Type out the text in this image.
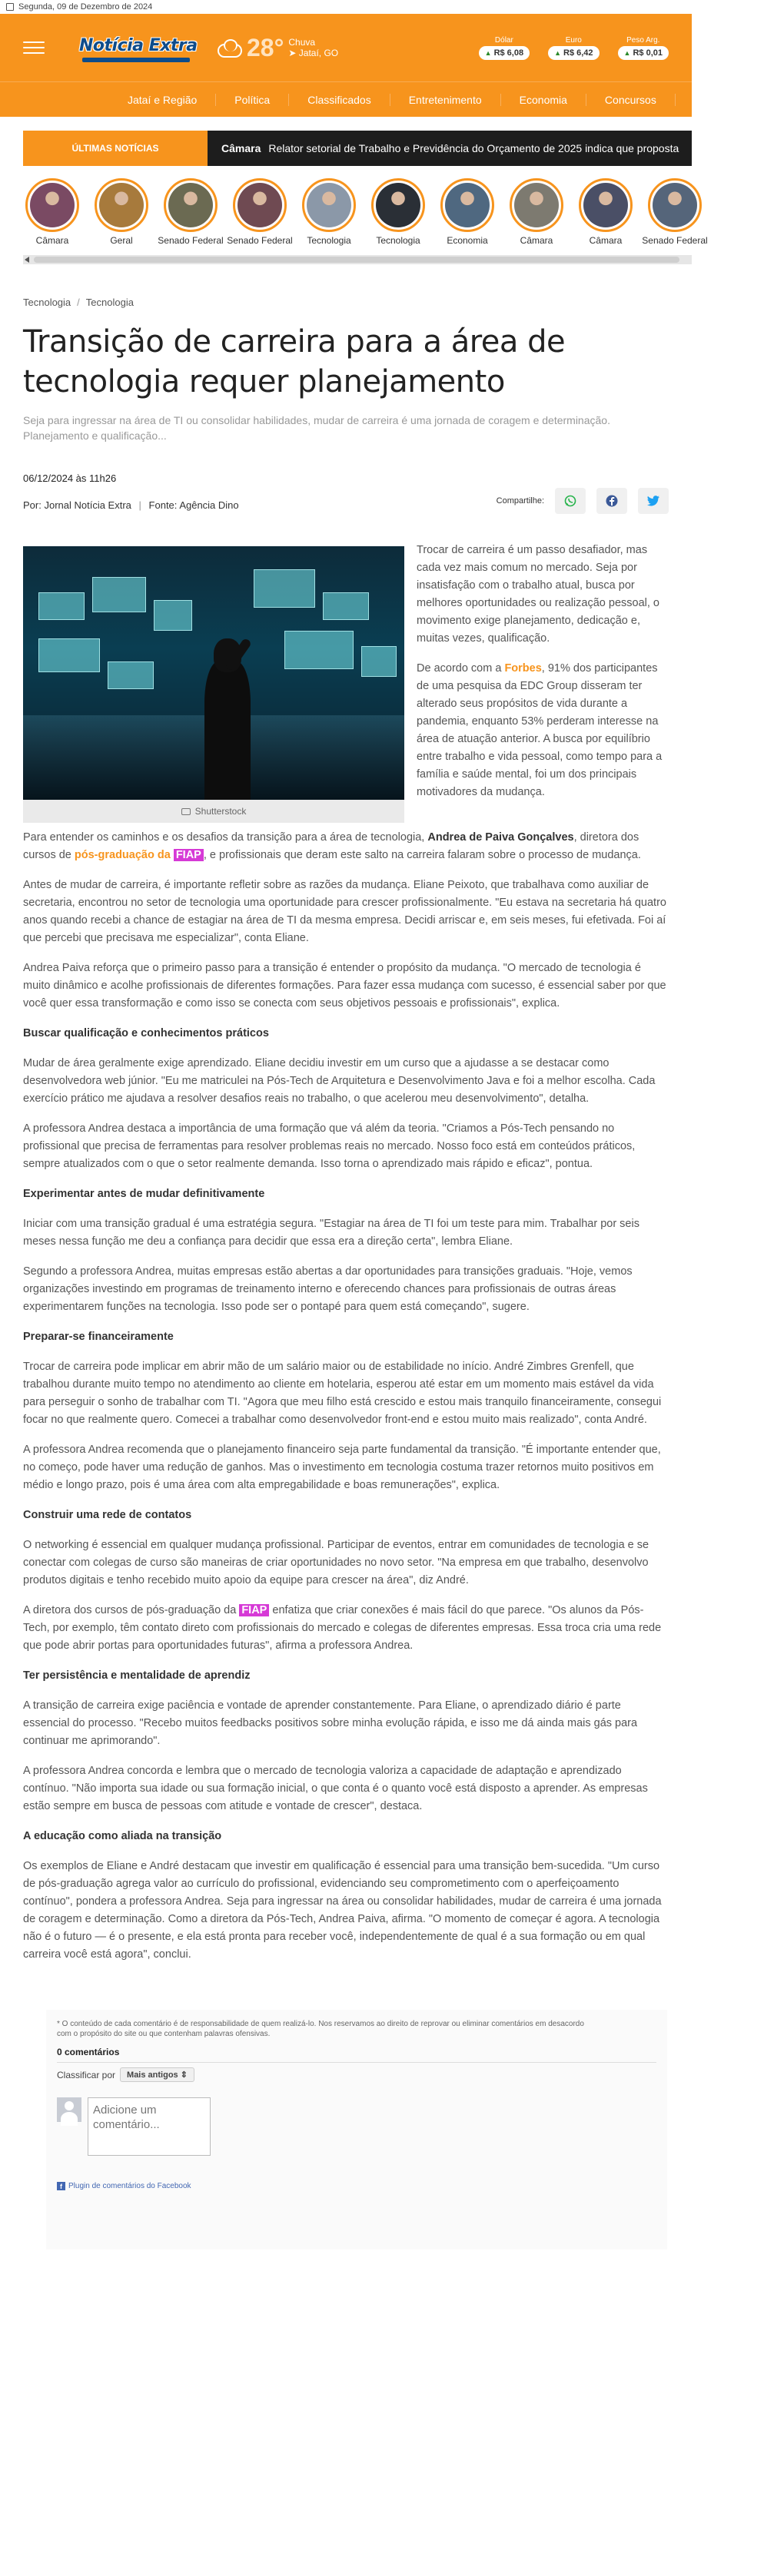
Segunda, 09 de Dezembro de 2024
Notícia Extra 28° Chuva
➤ Jataí, GO
Dólar
▲ R$ 6,08
Euro
▲ R$ 6,42
Peso Arg.
▲ R$ 0,01
Jataí e Região	Política	Classificados	Entretenimento	Economia	Concursos	Tecnologia
ÚLTIMAS NOTÍCIAS	Câmara Relator setorial de Trabalho e Previdência do Orçamento de 2025 indica que proposta
Câmara	Geral	Senado Federal Senado Federal Tecnologia	Tecnologia	Economia	Câmara	Câmara Senado Federal
Tecnologia / Tecnologia
Transição de carreira para a área de tecnologia requer planejamento
Seja para ingressar na área de TI ou consolidar habilidades, mudar de carreira é uma jornada de coragem e determinação. Planejamento e qualificação...
06/12/2024 às 11h26
Por: Jornal Notícia Extra | Fonte: Agência Dino	Compartilhe:
Shutterstock

Trocar de carreira é um passo desafiador, mas cada vez mais comum no mercado. Seja por insatisfação com o trabalho atual, busca por melhores oportunidades ou realização pessoal, o movimento exige planejamento, dedicação e, muitas vezes, qualificação.

De acordo com a Forbes, 91% dos participantes de uma pesquisa da EDC Group disseram ter alterado seus propósitos de vida durante a pandemia, enquanto 53% perderam interesse na área de atuação anterior. A busca por equilíbrio entre trabalho e vida pessoal, como tempo para a família e saúde mental, foi um dos principais motivadores da mudança.

Para entender os caminhos e os desafios da transição para a área de tecnologia, Andrea de Paiva Gonçalves, diretora dos cursos de pós-graduação da FIAP , e profissionais que deram este salto na carreira falaram sobre o processo de mudança.

Antes de mudar de carreira, é importante refletir sobre as razões da mudança. Eliane Peixoto, que trabalhava como auxiliar de secretaria, encontrou no setor de tecnologia uma oportunidade para crescer profissionalmente. "Eu estava na secretaria há quatro anos quando recebi a chance de estagiar na área de TI da mesma empresa. Decidi arriscar e, em seis meses, fui efetivada. Foi aí que percebi que precisava me especializar", conta Eliane.

Andrea Paiva reforça que o primeiro passo para a transição é entender o propósito da mudança. "O mercado de tecnologia é muito dinâmico e acolhe profissionais de diferentes formações. Para fazer essa mudança com sucesso, é essencial saber por que você quer essa transformação e como isso se conecta com seus objetivos pessoais e profissionais", explica.

Buscar qualificação e conhecimentos práticos

Mudar de área geralmente exige aprendizado. Eliane decidiu investir em um curso que a ajudasse a se destacar como desenvolvedora web júnior. "Eu me matriculei na Pós-Tech de Arquitetura e Desenvolvimento Java e foi a melhor escolha. Cada exercício prático me ajudava a resolver desafios reais no trabalho, o que acelerou meu desenvolvimento", detalha.

A professora Andrea destaca a importância de uma formação que vá além da teoria. "Criamos a Pós-Tech pensando no profissional que precisa de ferramentas para resolver problemas reais no mercado. Nosso foco está em conteúdos práticos, sempre atualizados com o que o setor realmente demanda. Isso torna o aprendizado mais rápido e eficaz", pontua.

Experimentar antes de mudar definitivamente

Iniciar com uma transição gradual é uma estratégia segura. "Estagiar na área de TI foi um teste para mim. Trabalhar por seis meses nessa função me deu a confiança para decidir que essa era a direção certa", lembra Eliane.

Segundo a professora Andrea, muitas empresas estão abertas a dar oportunidades para transições graduais. "Hoje, vemos organizações investindo em programas de treinamento interno e oferecendo chances para profissionais de outras áreas experimentarem funções na tecnologia. Isso pode ser o pontapé para quem está começando", sugere.

Preparar-se financeiramente

Trocar de carreira pode implicar em abrir mão de um salário maior ou de estabilidade no início. André Zimbres Grenfell, que trabalhou durante muito tempo no atendimento ao cliente em hotelaria, esperou até estar em um momento mais estável da vida para perseguir o sonho de trabalhar com TI. "Agora que meu filho está crescido e estou mais tranquilo financeiramente, consegui focar no que realmente quero. Comecei a trabalhar como desenvolvedor front-end e estou muito mais realizado", conta André.

A professora Andrea recomenda que o planejamento financeiro seja parte fundamental da transição. "É importante entender que, no começo, pode haver uma redução de ganhos. Mas o investimento em tecnologia costuma trazer retornos muito positivos em médio e longo prazo, pois é uma área com alta empregabilidade e boas remunerações", explica.

Construir uma rede de contatos

O networking é essencial em qualquer mudança profissional. Participar de eventos, entrar em comunidades de tecnologia e se conectar com colegas de curso são maneiras de criar oportunidades no novo setor. "Na empresa em que trabalho, desenvolvo produtos digitais e tenho recebido muito apoio da equipe para crescer na área", diz André.

A diretora dos cursos de pós-graduação da FIAP enfatiza que criar conexões é mais fácil do que parece. "Os alunos da Pós-Tech, por exemplo, têm contato direto com profissionais do mercado e colegas de diferentes empresas. Essa troca cria uma rede que pode abrir portas para oportunidades futuras", afirma a professora Andrea.

Ter persistência e mentalidade de aprendiz

A transição de carreira exige paciência e vontade de aprender constantemente. Para Eliane, o aprendizado diário é parte essencial do processo. "Recebo muitos feedbacks positivos sobre minha evolução rápida, e isso me dá ainda mais gás para continuar me aprimorando".

A professora Andrea concorda e lembra que o mercado de tecnologia valoriza a capacidade de adaptação e aprendizado contínuo. "Não importa sua idade ou sua formação inicial, o que conta é o quanto você está disposto a aprender. As empresas estão sempre em busca de pessoas com atitude e vontade de crescer", destaca.

A educação como aliada na transição

Os exemplos de Eliane e André destacam que investir em qualificação é essencial para uma transição bem-sucedida. "Um curso de pós-graduação agrega valor ao currículo do profissional, evidenciando seu comprometimento com o aperfeiçoamento contínuo", pondera a professora Andrea. Seja para ingressar na área ou consolidar habilidades, mudar de carreira é uma jornada de coragem e determinação. Como a diretora da Pós-Tech, Andrea Paiva, afirma. "O momento de começar é agora. A tecnologia não é o futuro — é o presente, e ela está pronta para receber você, independentemente de qual é a sua formação ou em qual carreira você está agora", conclui.

* O conteúdo de cada comentário é de responsabilidade de quem realizá-lo. Nos reservamos ao direito de reprovar ou eliminar comentários em desacordo com o propósito do site ou que contenham palavras ofensivas.
0 comentários
Classificar por	Mais antigos ⇕
Adicione um comentário...
f Plugin de comentários do Facebook
